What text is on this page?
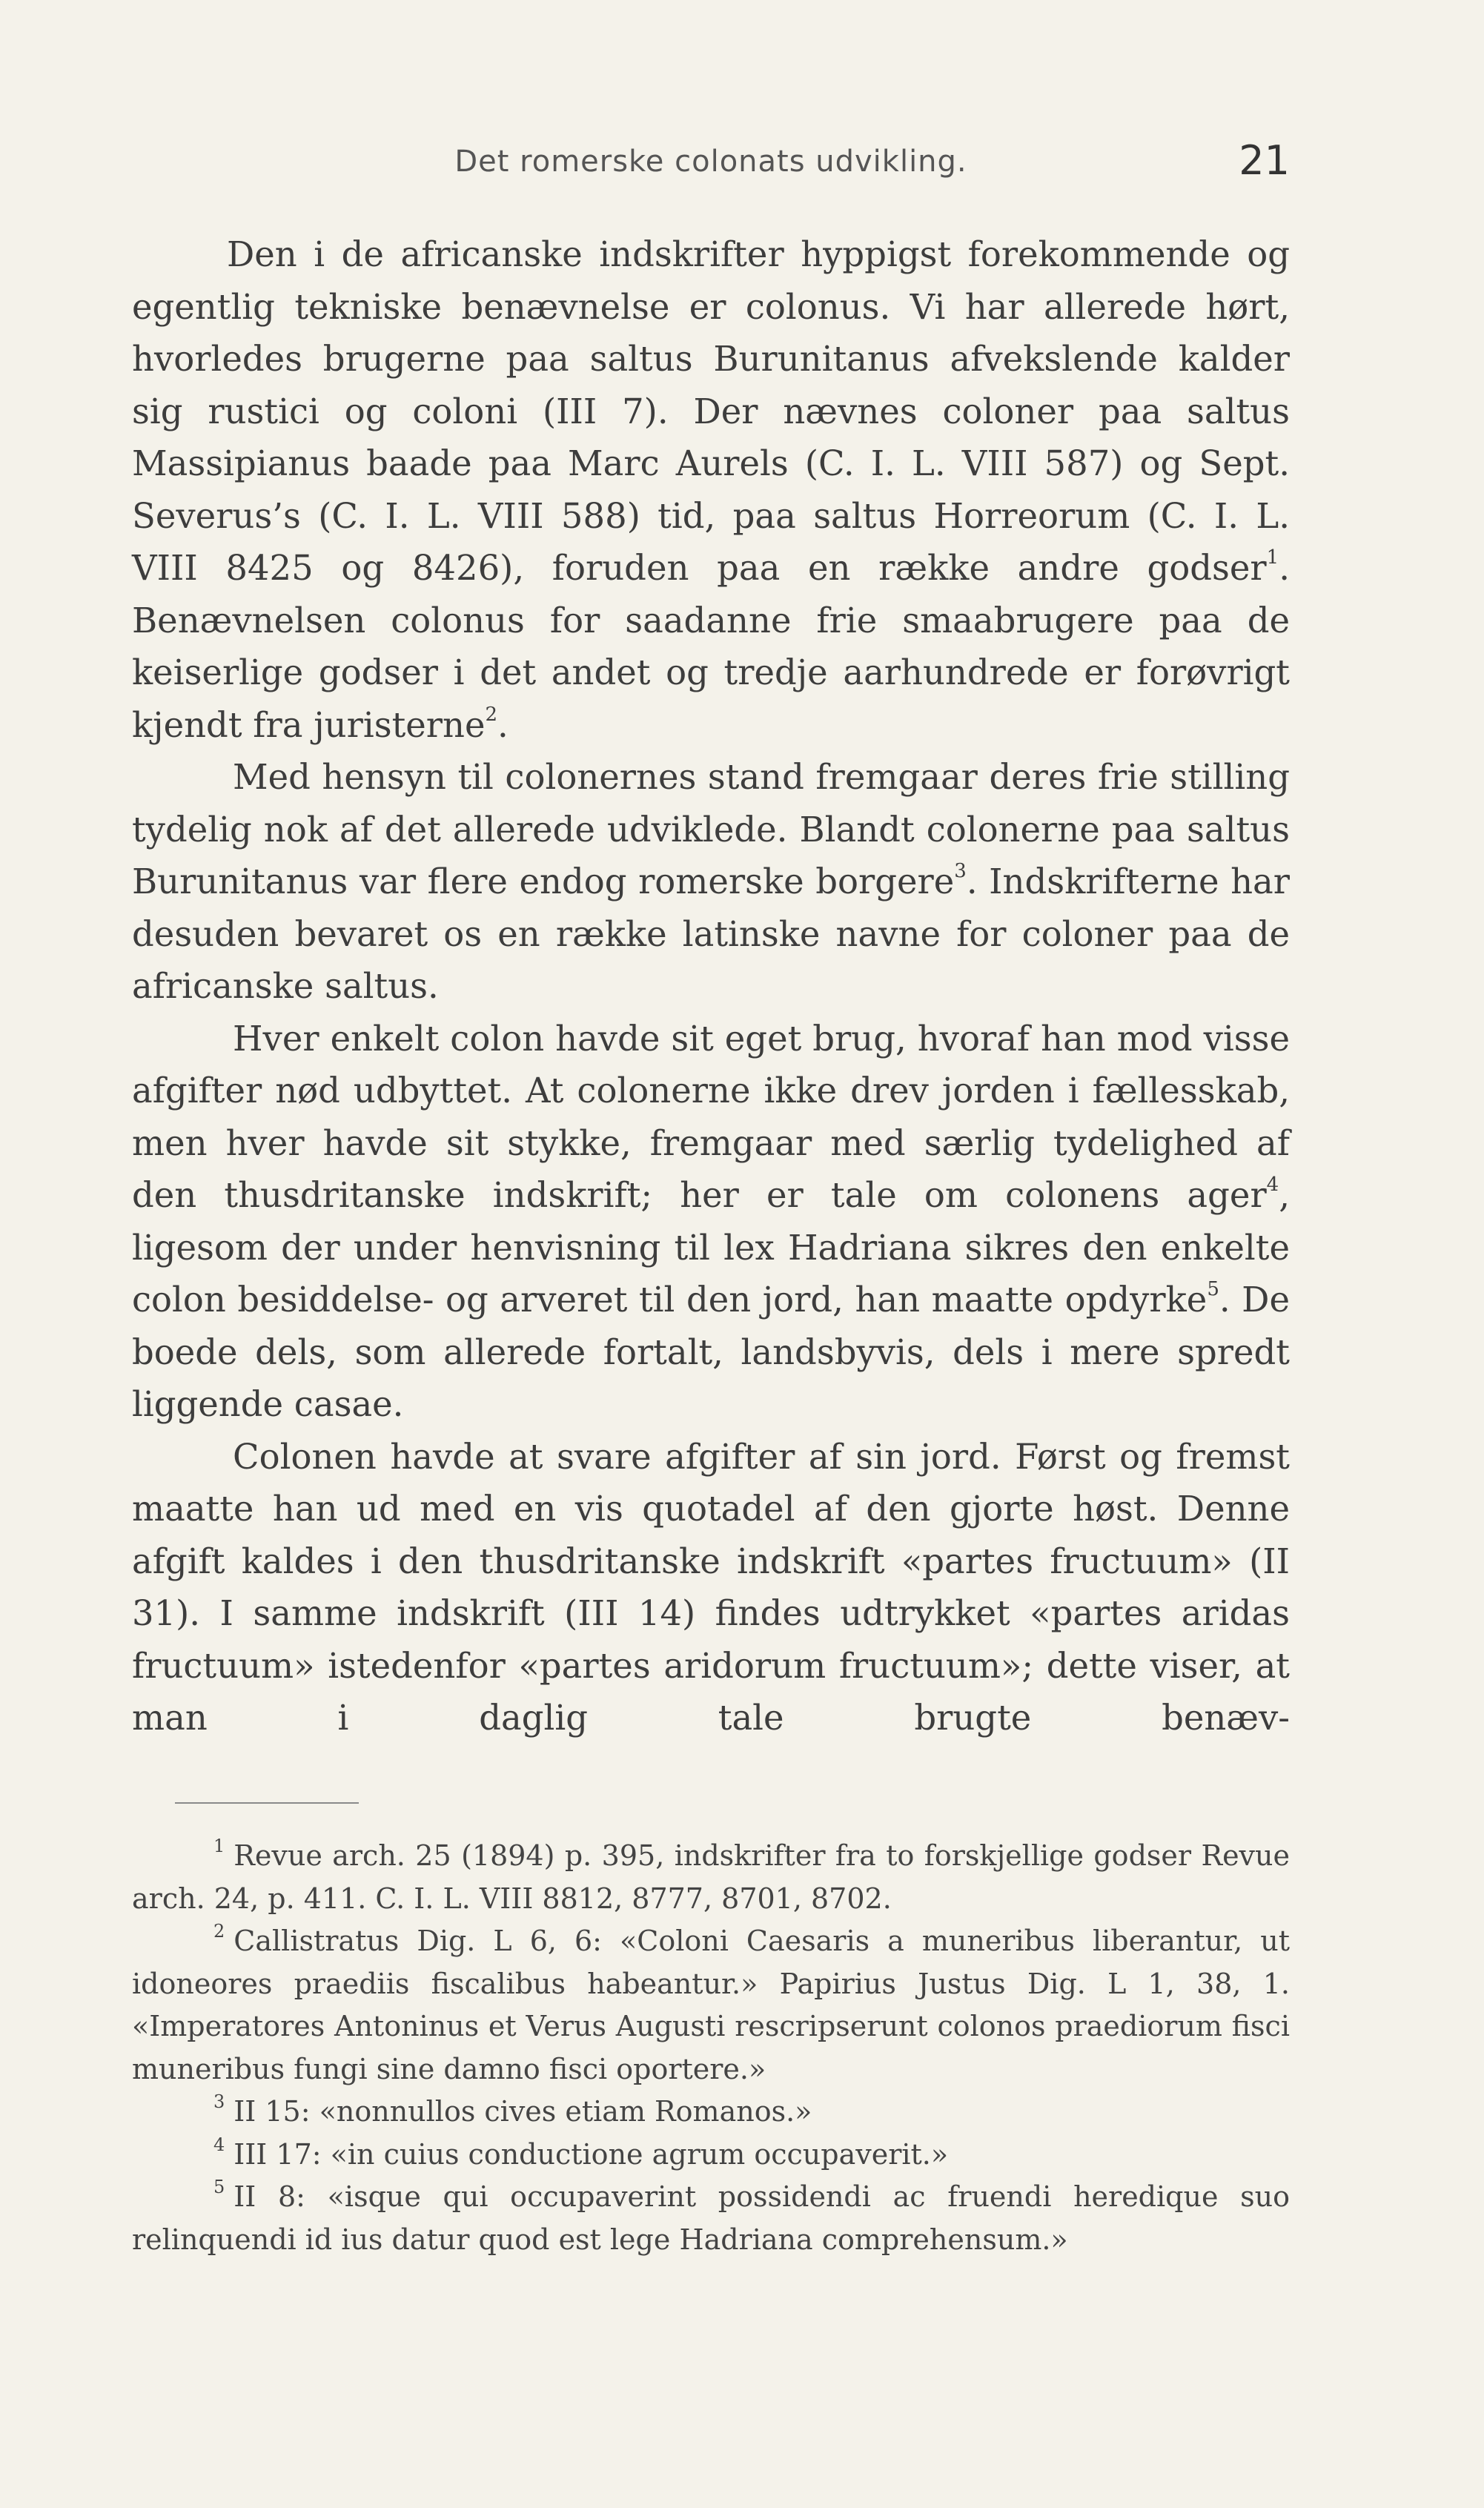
Det romerske colonats udvikling.	21

Den i de africanske indskrifter hyppigst forekommende og egentlig tekniske benævnelse er colonus. Vi har allerede hørt, hvorledes brugerne paa saltus Burunitanus afvekslende kalder sig rustici og coloni (III 7). Der nævnes coloner paa saltus Massipianus baade paa Marc Aurels (C. I. L. VIII 587) og Sept. Severus’s (C. I. L. VIII 588) tid, paa saltus Horreorum (C. I. L. VIII 8425 og 8426), foruden paa en række andre godser$^1$. Benævnelsen colonus for saadanne frie smaabrugere paa de keiserlige godser i det andet og tredje aarhundrede er forøvrigt kjendt fra juristerne$^2$.

Med hensyn til colonernes stand fremgaar deres frie stilling tydelig nok af det allerede udviklede. Blandt colonerne paa saltus Burunitanus var flere endog romerske borgere$^3$. Indskrifterne har desuden bevaret os en række latinske navne for coloner paa de africanske saltus.

Hver enkelt colon havde sit eget brug, hvoraf han mod visse afgifter nød udbyttet. At colonerne ikke drev jorden i fællesskab, men hver havde sit stykke, fremgaar med særlig tydelighed af den thusdritanske indskrift; her er tale om colonens ager$^4$, ligesom der under henvisning til lex Hadriana sikres den enkelte colon besiddelse- og arveret til den jord, han maatte opdyrke$^5$. De boede dels, som allerede fortalt, landsbyvis, dels i mere spredt liggende casae.

Colonen havde at svare afgifter af sin jord. Først og fremst maatte han ud med en vis quotadel af den gjorte høst. Denne afgift kaldes i den thusdritanske indskrift «partes fructuum» (II 31). I samme indskrift (III 14) findes udtrykket «partes aridas fructuum» istedenfor «partes aridorum fructuum»; dette viser, at man i daglig tale brugte benæv-

$^1$ Revue arch. 25 (1894) p. 395, indskrifter fra to forskjellige godser Revue arch. 24, p. 411. C. I. L. VIII 8812, 8777, 8701, 8702.

$^2$ Callistratus Dig. L 6, 6: «Coloni Caesaris a muneribus liberantur, ut idoneores praediis fiscalibus habeantur.» Papirius Justus Dig. L 1, 38, 1. «Imperatores Antoninus et Verus Augusti rescripserunt colonos praediorum fisci muneribus fungi sine damno fisci oportere.»

$^3$ II 15: «nonnullos cives etiam Romanos.»

$^4$ III 17: «in cuius conductione agrum occupaverit.»

$^5$ II 8: «isque qui occupaverint possidendi ac fruendi heredique suo relinquendi id ius datur quod est lege Hadriana comprehensum.»
